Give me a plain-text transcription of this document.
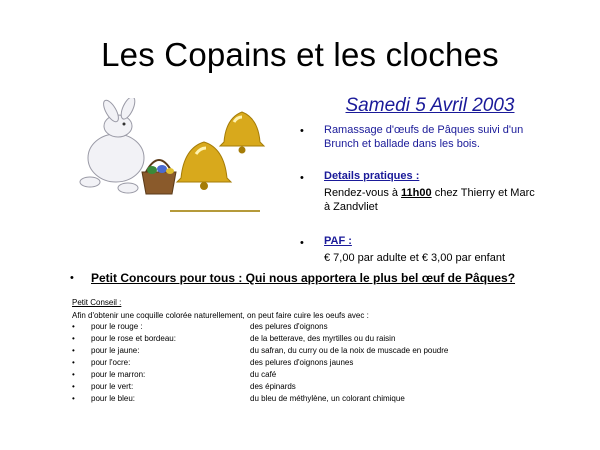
Les Copains et les cloches
Samedi 5 Avril 2003
• Ramassage d'œufs de Pâques suivi d'un
Brunch et ballade dans les bois.
• Details pratiques :
Rendez-vous à 11h00 chez Thierry et Marc
à Zandvliet
• PAF :
€ 7,00 par adulte et € 3,00 par enfant
• Petit Concours pour tous : Qui nous apportera le plus bel œuf de Pâques?
Petit Conseil :
Afin d'obtenir une coquille colorée naturellement, on peut faire cuire les oeufs avec :
• pour le rouge :	des pelures d'oignons
• pour le rose et bordeau:	de la betterave, des myrtilles ou du raisin
• pour le jaune:	du safran, du curry ou de la noix de muscade en poudre
• pour l'ocre:	des pelures d'oignons jaunes
• pour le marron:	du café
• pour le vert:	des épinards
• pour le bleu:	du bleu de méthylène, un colorant chimique
